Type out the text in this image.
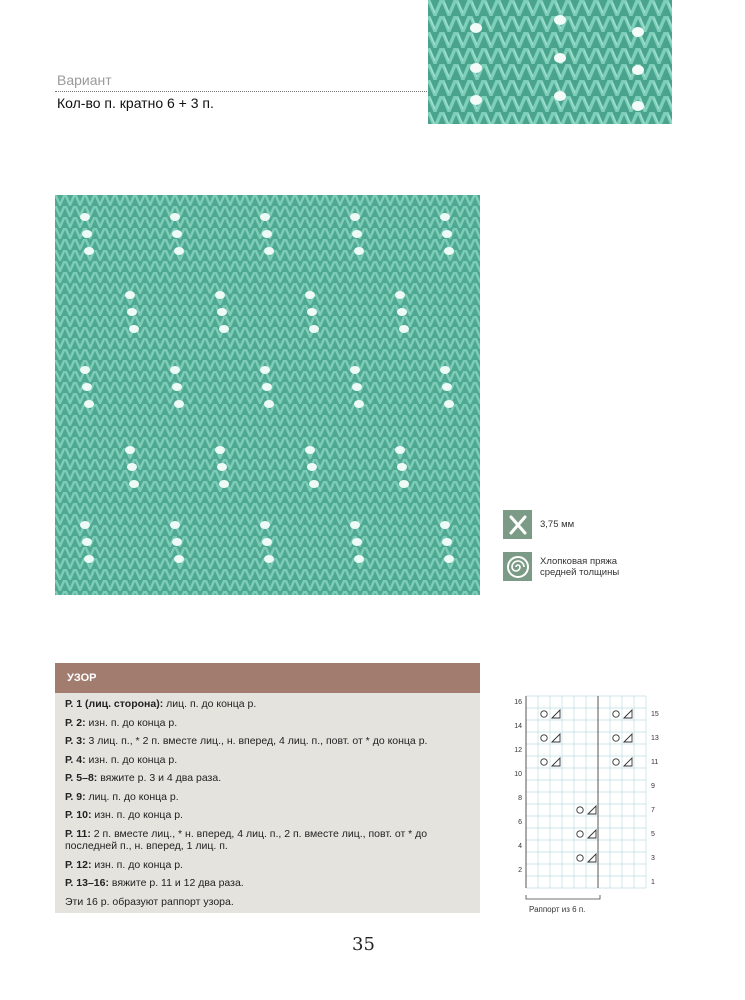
Вариант
Кол-во п. кратно 6 + 3 п.
3,75 мм
Хлопковая пряжа
средней толщины
УЗОР
Р. 1 (лиц. сторона): лиц. п. до конца р.
Р. 2: изн. п. до конца р.
Р. 3: 3 лиц. п., * 2 п. вместе лиц., н. вперед, 4 лиц. п., повт. от * до конца р.
Р. 4: изн. п. до конца р.
Р. 5–8: вяжите р. 3 и 4 два раза.
Р. 9: лиц. п. до конца р.
Р. 10: изн. п. до конца р.
Р. 11: 2 п. вместе лиц., * н. вперед, 4 лиц. п., 2 п. вместе лиц., повт. от * до последней п., н. вперед, 1 лиц. п.
Р. 12: изн. п. до конца р.
Р. 13–16: вяжите р. 11 и 12 два раза.
Эти 16 р. образуют раппорт узора.
16
14
12
10
8
6
4
2
15
13
11
9
7
5
3
1
Раппорт из 6 п.
35
